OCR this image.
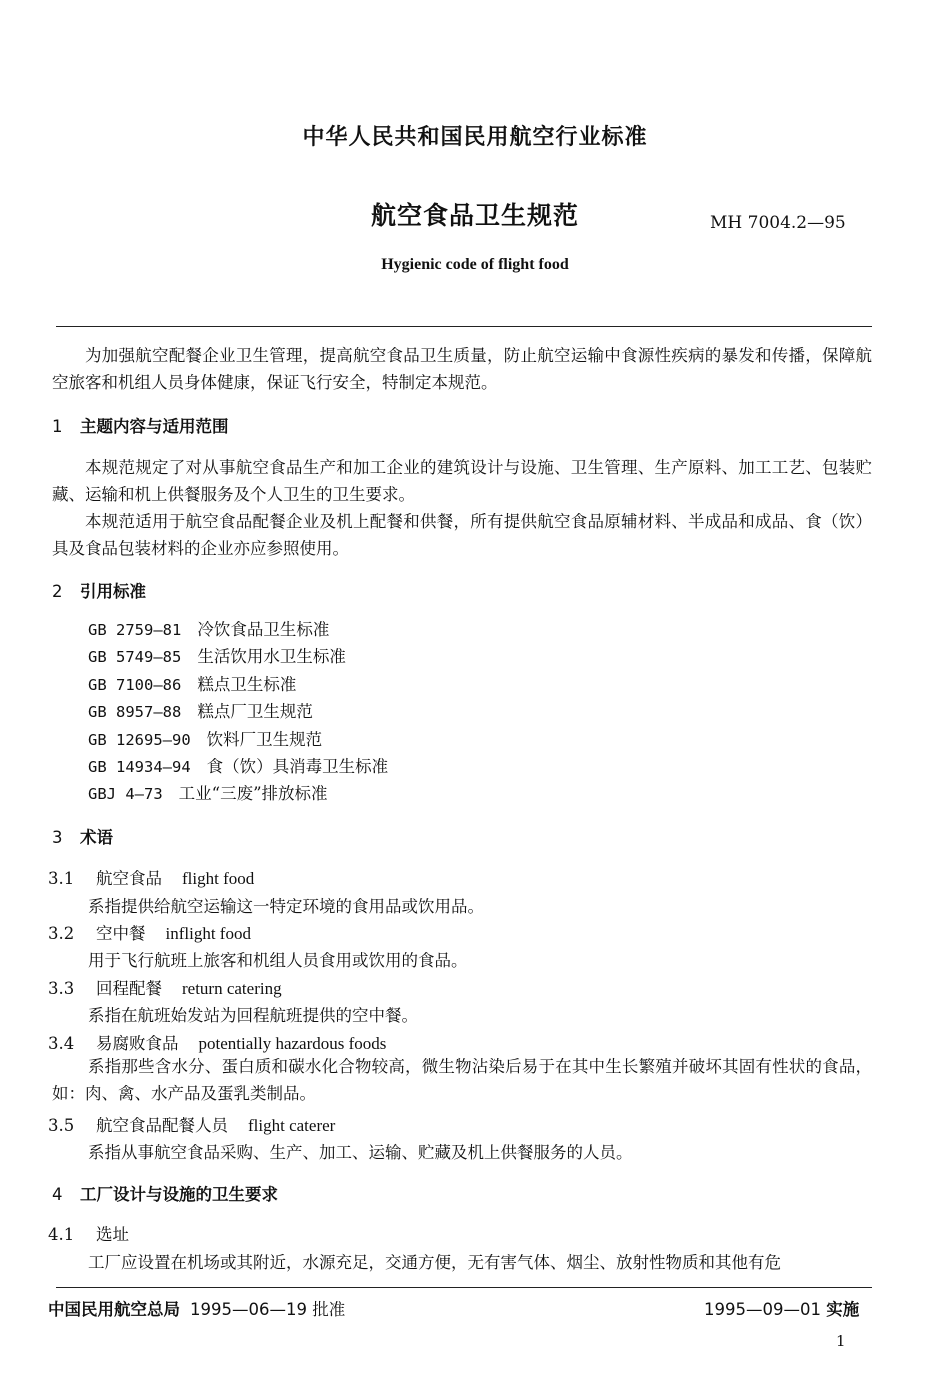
中华人民共和国民用航空行业标准
航空食品卫生规范	MH 7004.2—95
Hygienic code of flight food

为加强航空配餐企业卫生管理，提高航空食品卫生质量，防止航空运输中食源性疾病的暴发和传播，保障航空旅客和机组人员身体健康，保证飞行安全，特制定本规范。

1 主题内容与适用范围

本规范规定了对从事航空食品生产和加工企业的建筑设计与设施、卫生管理、生产原料、加工工艺、包装贮藏、运输和机上供餐服务及个人卫生的卫生要求。

本规范适用于航空食品配餐企业及机上配餐和供餐，所有提供航空食品原辅材料、半成品和成品、食（饮）具及食品包装材料的企业亦应参照使用。

2 引用标准
GB 2759—81 冷饮食品卫生标准
GB 5749—85 生活饮用水卫生标准
GB 7100—86 糕点卫生标准
GB 8957—88 糕点厂卫生规范
GB 12695—90 饮料厂卫生规范
GB 14934—94 食（饮）具消毒卫生标准
GBJ 4—73 工业“三废”排放标准
3 术语
3.1 航空食品 flight food
系指提供给航空运输这一特定环境的食用品或饮用品。
3.2 空中餐 inflight food
用于飞行航班上旅客和机组人员食用或饮用的食品。
3.3 回程配餐 return catering
系指在航班始发站为回程航班提供的空中餐。
3.4 易腐败食品 potentially hazardous foods

系指那些含水分、蛋白质和碳水化合物较高，微生物沾染后易于在其中生长繁殖并破坏其固有性状的食品，如：肉、禽、水产品及蛋乳类制品。

3.5 航空食品配餐人员 flight caterer
系指从事航空食品采购、生产、加工、运输、贮藏及机上供餐服务的人员。
4 工厂设计与设施的卫生要求
4.1 选址
工厂应设置在机场或其附近，水源充足，交通方便，无有害气体、烟尘、放射性物质和其他有危
中国民用航空总局 1995—06—19 批准	1995—09—01 实施
1
